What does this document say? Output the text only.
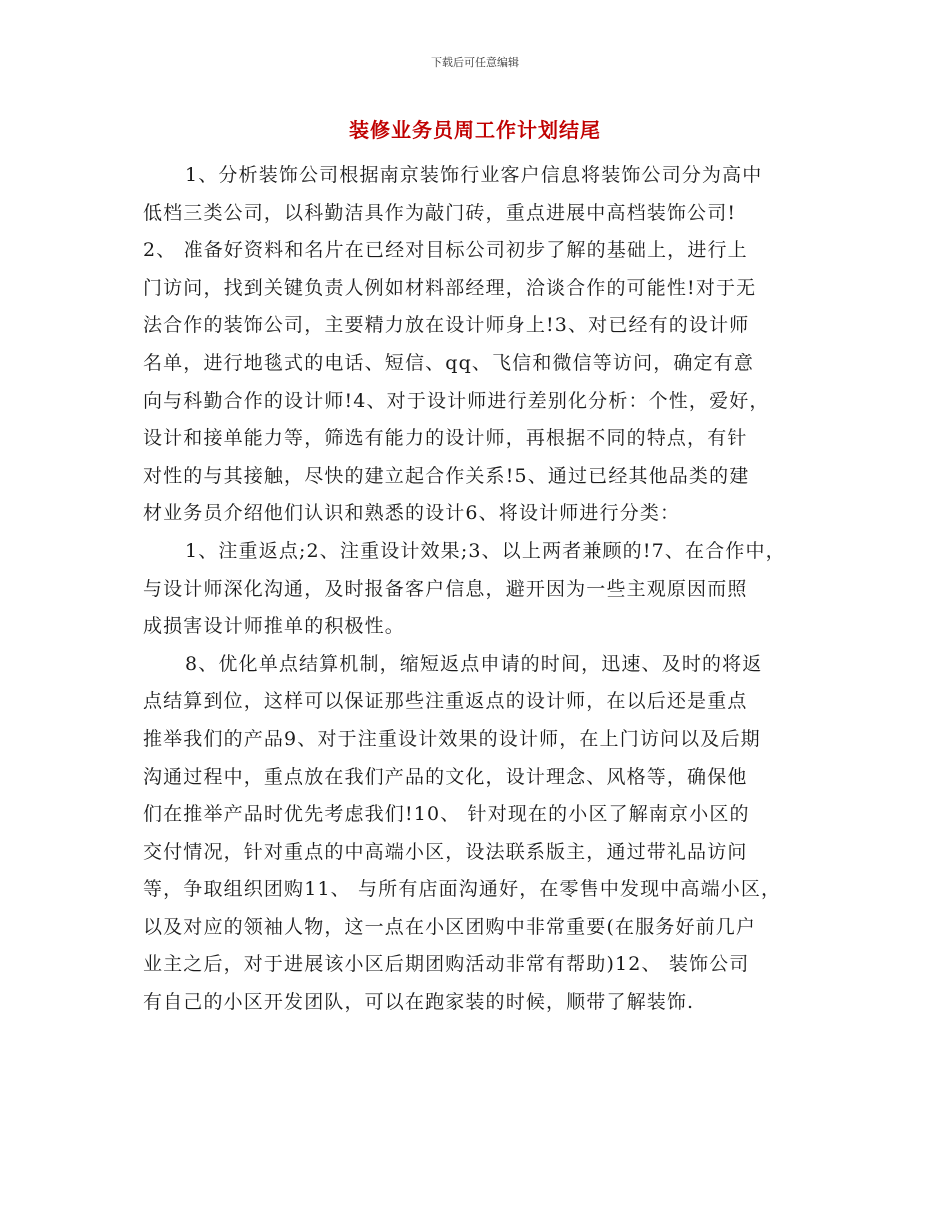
下载后可任意编辑
装修业务员周工作计划结尾
1、分析装饰公司根据南京装饰行业客户信息将装饰公司分为高中
低档三类公司，以科勤洁具作为敲门砖，重点进展中高档装饰公司!
2、 准备好资料和名片在已经对目标公司初步了解的基础上，进行上
门访问，找到关键负责人例如材料部经理，洽谈合作的可能性!对于无
法合作的装饰公司，主要精力放在设计师身上!3、对已经有的设计师
名单，进行地毯式的电话、短信、qq、飞信和微信等访问，确定有意
向与科勤合作的设计师!4、对于设计师进行差别化分析：个性，爱好，
设计和接单能力等，筛选有能力的设计师，再根据不同的特点，有针
对性的与其接触，尽快的建立起合作关系!5、通过已经其他品类的建
材业务员介绍他们认识和熟悉的设计6、将设计师进行分类：
1、注重返点;2、注重设计效果;3、以上两者兼顾的!7、在合作中，
与设计师深化沟通，及时报备客户信息，避开因为一些主观原因而照
成损害设计师推单的积极性。
8、优化单点结算机制，缩短返点申请的时间，迅速、及时的将返
点结算到位，这样可以保证那些注重返点的设计师，在以后还是重点
推举我们的产品9、对于注重设计效果的设计师，在上门访问以及后期
沟通过程中，重点放在我们产品的文化，设计理念、风格等，确保他
们在推举产品时优先考虑我们!10、 针对现在的小区了解南京小区的
交付情况，针对重点的中高端小区，设法联系版主，通过带礼品访问
等，争取组织团购11、 与所有店面沟通好，在零售中发现中高端小区，
以及对应的领袖人物，这一点在小区团购中非常重要(在服务好前几户
业主之后，对于进展该小区后期团购活动非常有帮助)12、 装饰公司
有自己的小区开发团队，可以在跑家装的时候，顺带了解装饰.
